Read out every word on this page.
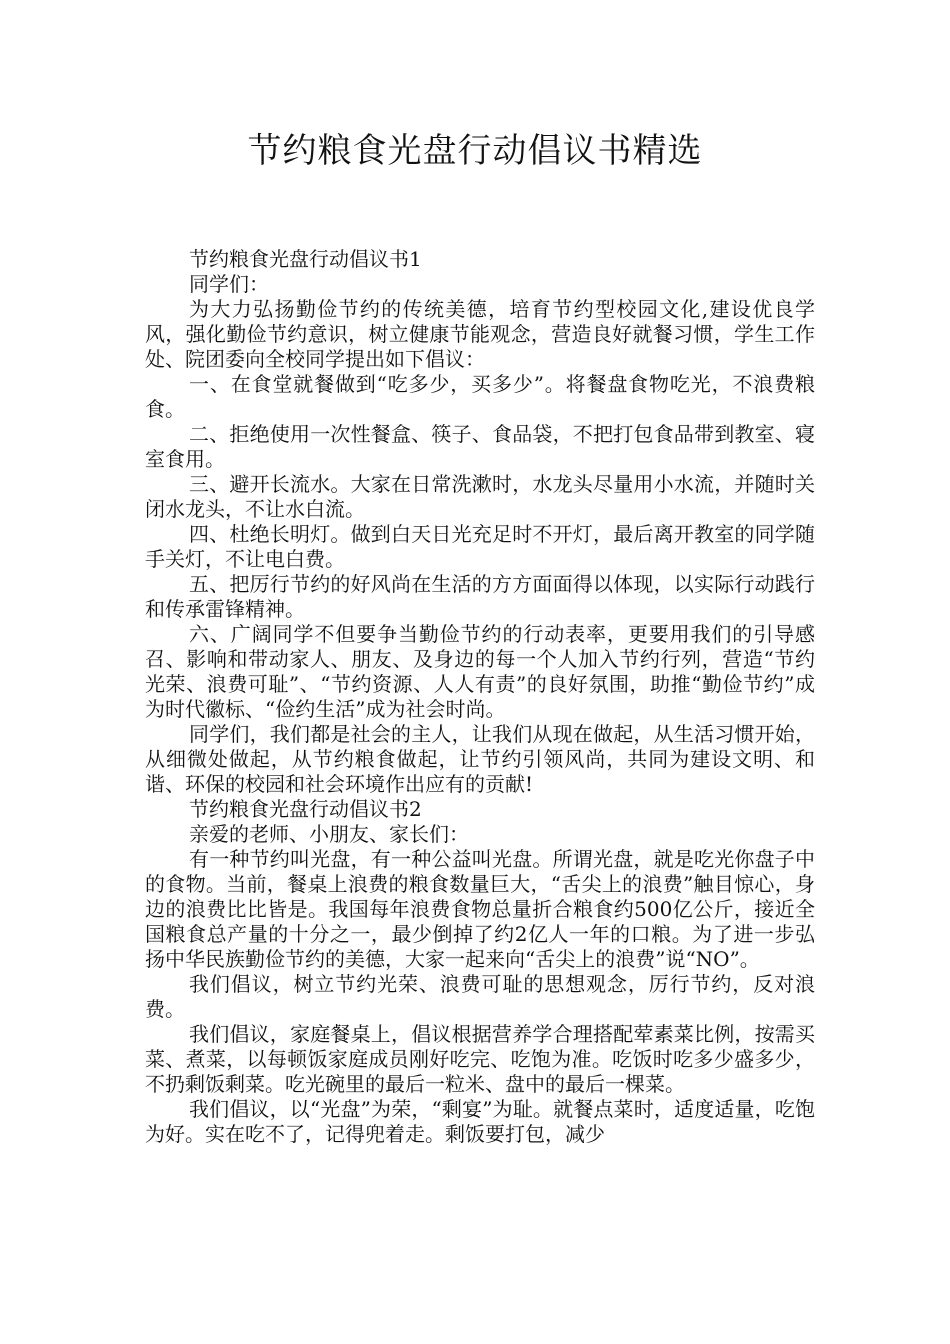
节约粮食光盘行动倡议书精选

节约粮食光盘行动倡议书1

同学们：

为大力弘扬勤俭节约的传统美德，培育节约型校园文化,建设优良学风，强化勤俭节约意识，树立健康节能观念，营造良好就餐习惯，学生工作处、院团委向全校同学提出如下倡议：

一、在食堂就餐做到“吃多少，买多少”。将餐盘食物吃光，不浪费粮食。

二、拒绝使用一次性餐盒、筷子、食品袋，不把打包食品带到教室、寝室食用。

三、避开长流水。大家在日常洗漱时，水龙头尽量用小水流，并随时关闭水龙头，不让水白流。

四、杜绝长明灯。做到白天日光充足时不开灯，最后离开教室的同学随手关灯，不让电白费。

五、把厉行节约的好风尚在生活的方方面面得以体现，以实际行动践行和传承雷锋精神。

六、广阔同学不但要争当勤俭节约的行动表率，更要用我们的引导感召、影响和带动家人、朋友、及身边的每一个人加入节约行列，营造“节约光荣、浪费可耻”、“节约资源、人人有责”的良好氛围，助推“勤俭节约”成为时代徽标、“俭约生活”成为社会时尚。

同学们，我们都是社会的主人，让我们从现在做起，从生活习惯开始，从细微处做起，从节约粮食做起，让节约引领风尚，共同为建设文明、和谐、环保的校园和社会环境作出应有的贡献!

节约粮食光盘行动倡议书2

亲爱的老师、小朋友、家长们：

有一种节约叫光盘，有一种公益叫光盘。所谓光盘，就是吃光你盘子中的食物。当前，餐桌上浪费的粮食数量巨大，“舌尖上的浪费”触目惊心，身边的浪费比比皆是。我国每年浪费食物总量折合粮食约500亿公斤，接近全国粮食总产量的十分之一，最少倒掉了约2亿人一年的口粮。为了进一步弘扬中华民族勤俭节约的美德，大家一起来向“舌尖上的浪费”说“NO”。

我们倡议，树立节约光荣、浪费可耻的思想观念，厉行节约，反对浪费。

我们倡议，家庭餐桌上，倡议根据营养学合理搭配荤素菜比例，按需买菜、煮菜，以每顿饭家庭成员刚好吃完、吃饱为准。吃饭时吃多少盛多少，不扔剩饭剩菜。吃光碗里的最后一粒米、盘中的最后一棵菜。

我们倡议，以“光盘”为荣，“剩宴”为耻。就餐点菜时，适度适量，吃饱为好。实在吃不了，记得兜着走。剩饭要打包，减少
